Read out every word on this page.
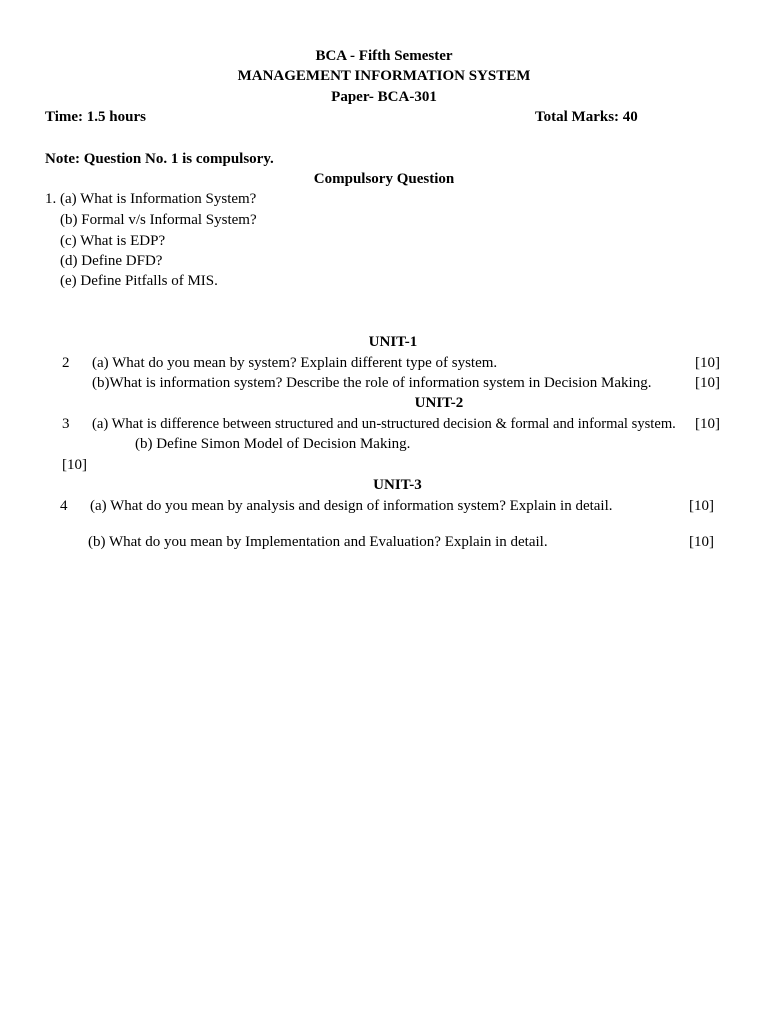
BCA - Fifth Semester
MANAGEMENT INFORMATION SYSTEM
Paper- BCA-301
Time: 1.5 hours	Total Marks: 40
Note: Question No. 1 is compulsory.
Compulsory Question
1. (a) What is Information System?
(b) Formal v/s Informal System?
(c) What is EDP?
(d) Define DFD?
(e) Define Pitfalls of MIS.
UNIT-1
2 (a) What do you mean by system? Explain different type of system.	[10]
(b)What is information system? Describe the role of information system in Decision Making.	[10]
UNIT-2
3 (a) What is difference between structured and un-structured decision & formal and informal system. [10]
(b) Define Simon Model of Decision Making.
[10]
UNIT-3
4 (a) What do you mean by analysis and design of information system? Explain in detail.	[10]
(b) What do you mean by Implementation and Evaluation? Explain in detail.	[10]
